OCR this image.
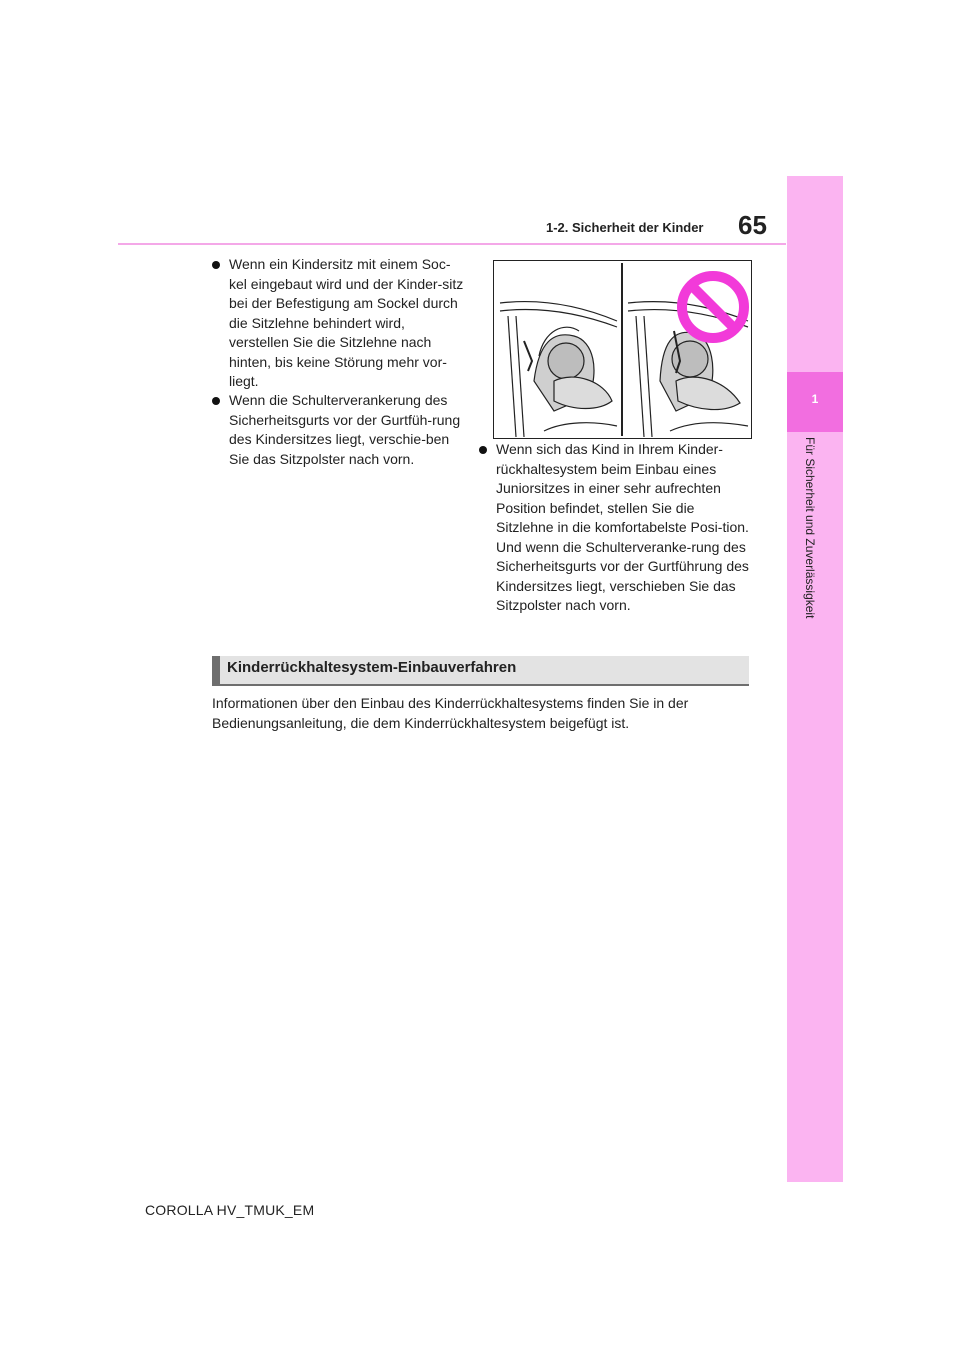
65
1-2. Sicherheit der Kinder
1
Für Sicherheit und Zuverlässigkeit
Wenn ein Kindersitz mit einem Soc-kel eingebaut wird und der Kinder-sitz bei der Befestigung am Sockel durch die Sitzlehne behindert wird, verstellen Sie die Sitzlehne nach hinten, bis keine Störung mehr vor-liegt.
Wenn die Schulterverankerung des Sicherheitsgurts vor der Gurtfüh-rung des Kindersitzes liegt, verschie-ben Sie das Sitzpolster nach vorn.
Wenn sich das Kind in Ihrem Kinder-rückhaltesystem beim Einbau eines Juniorsitzes in einer sehr aufrechten Position befindet, stellen Sie die Sitzlehne in die komfortabelste Posi-tion. Und wenn die Schulterveranke-rung des Sicherheitsgurts vor der Gurtführung des Kindersitzes liegt, verschieben Sie das Sitzpolster nach vorn.
Kinderrückhaltesystem-Einbauverfahren
Informationen über den Einbau des Kinderrückhaltesystems finden Sie in der Bedienungsanleitung, die dem Kinderrückhaltesystem beigefügt ist.
COROLLA HV_TMUK_EM
